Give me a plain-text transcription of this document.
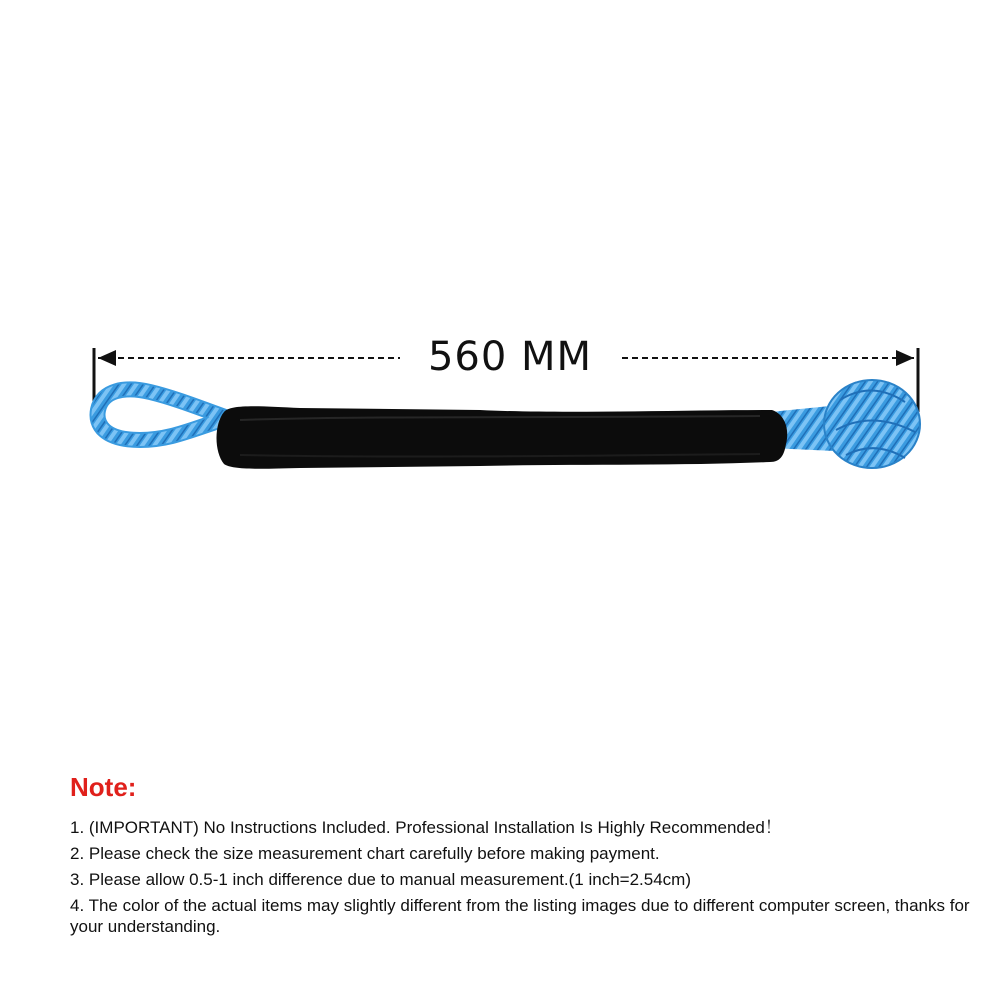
560 MM
Note:
1. (IMPORTANT) No Instructions Included. Professional Installation Is Highly Recommended！
2. Please check the size measurement chart carefully before making payment.
3. Please allow 0.5-1 inch difference due to manual measurement.(1 inch=2.54cm)
4. The color of the actual items may slightly different from the listing images due to different computer screen, thanks for your understanding.
